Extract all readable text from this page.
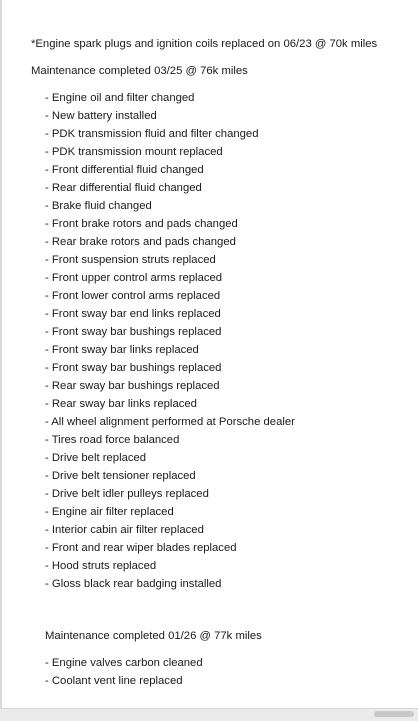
*Engine spark plugs and ignition coils replaced on 06/23 @ 70k miles
Maintenance completed 03/25 @ 76k miles
- Engine oil and filter changed
- New battery installed
- PDK transmission fluid and filter changed
- PDK transmission mount replaced
- Front differential fluid changed
- Rear differential fluid changed
- Brake fluid changed
- Front brake rotors and pads changed
- Rear brake rotors and pads changed
- Front suspension struts replaced
- Front upper control arms replaced
- Front lower control arms replaced
- Front sway bar end links replaced
- Front sway bar bushings replaced
- Front sway bar links replaced
- Front sway bar bushings replaced
- Rear sway bar bushings replaced
- Rear sway bar links replaced
- All wheel alignment performed at Porsche dealer
- Tires road force balanced
- Drive belt replaced
- Drive belt tensioner replaced
- Drive belt idler pulleys replaced
- Engine air filter replaced
- Interior cabin air filter replaced
- Front and rear wiper blades replaced
- Hood struts replaced
- Gloss black rear badging installed
Maintenance completed 01/26 @ 77k miles
- Engine valves carbon cleaned
- Coolant vent line replaced
